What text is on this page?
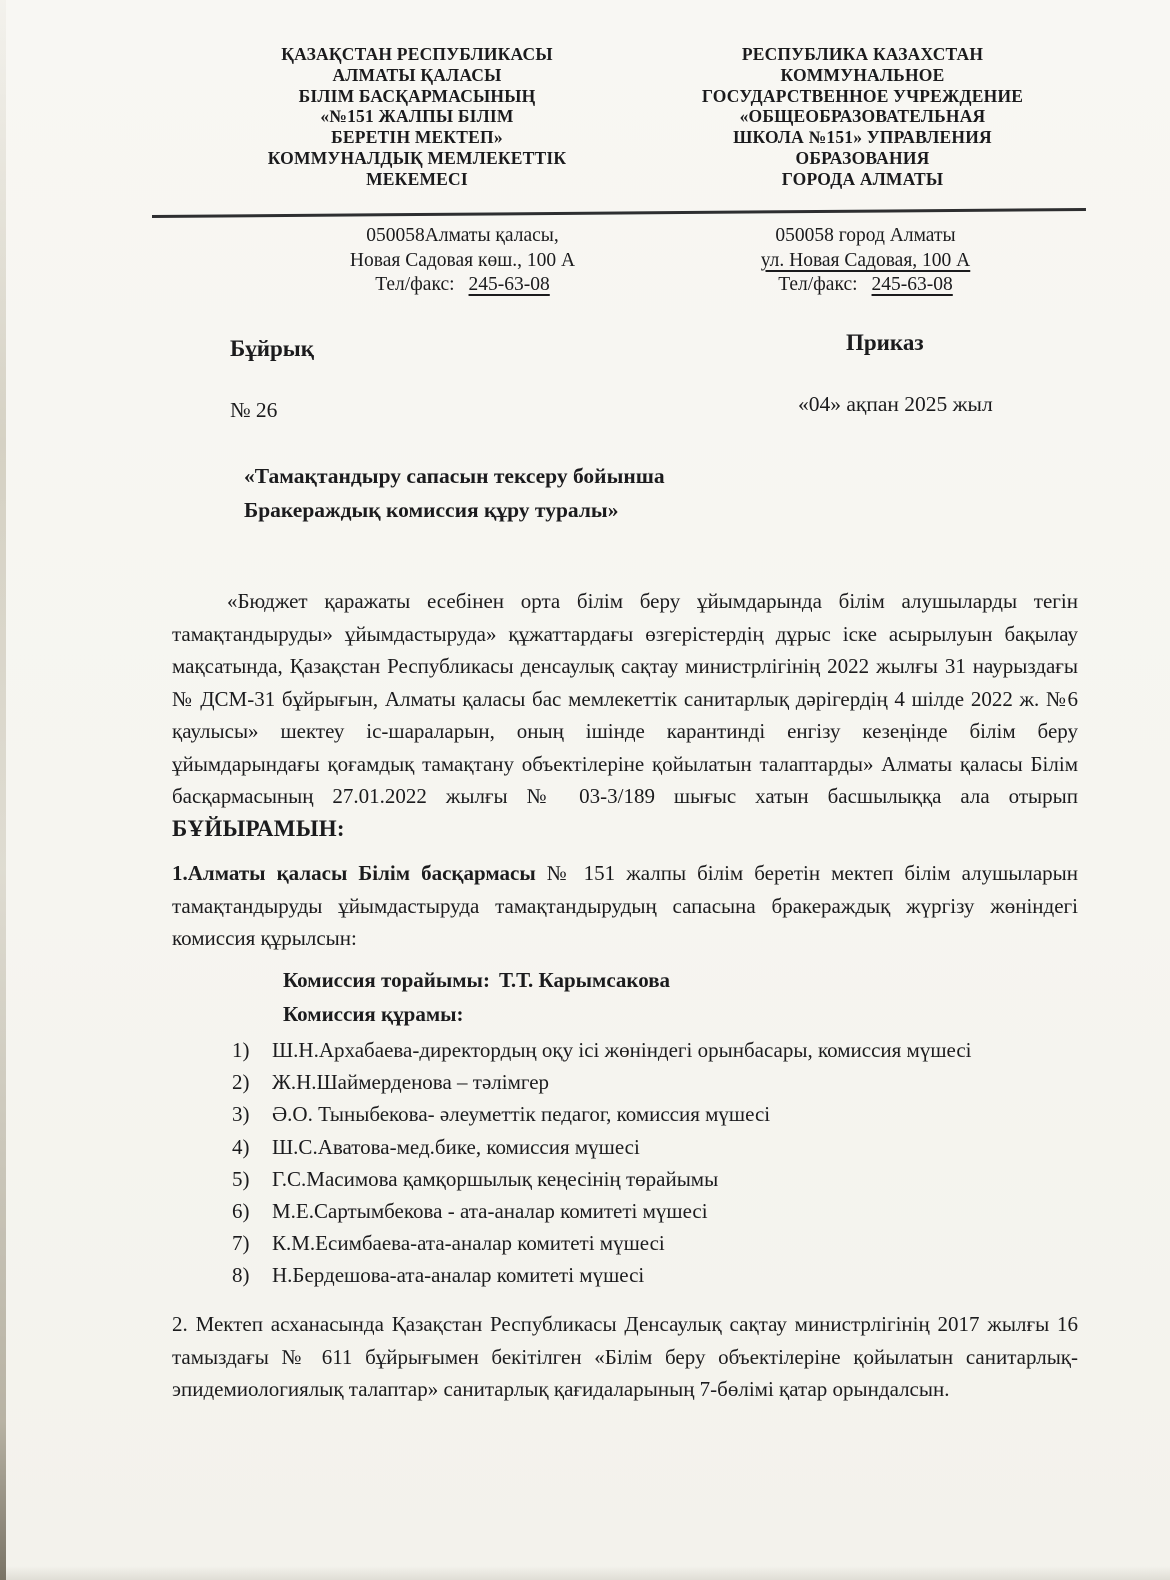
ҚАЗАҚСТАН РЕСПУБЛИКАСЫ
АЛМАТЫ ҚАЛАСЫ
БІЛІМ БАСҚАРМАСЫНЫҢ
«№151 ЖАЛПЫ БІЛІМ
БЕРЕТІН МЕКТЕП»
КОММУНАЛДЫҚ МЕМЛЕКЕТТІК
МЕКЕМЕСІ
РЕСПУБЛИКА КАЗАХСТАН
КОММУНАЛЬНОЕ
ГОСУДАРСТВЕННОЕ УЧРЕЖДЕНИЕ
«ОБЩЕОБРАЗОВАТЕЛЬНАЯ
ШКОЛА №151» УПРАВЛЕНИЯ
ОБРАЗОВАНИЯ
ГОРОДА АЛМАТЫ
050058Алматы қаласы,
Новая Садовая көш., 100 А
Тел/факс: 245-63-08
050058 город Алматы
ул. Новая Садовая, 100 А
Тел/факс: 245-63-08
Бұйрық	Приказ
№ 26	«04» ақпан 2025 жыл
«Тамақтандыру сапасын тексеру бойынша
Бракераждық комиссия құру туралы»

«Бюджет қаражаты есебінен орта білім беру ұйымдарында білім алушыларды тегін тамақтандыруды» ұйымдастыруда» құжаттардағы өзгерістердің дұрыс іске асырылуын бақылау мақсатында, Қазақстан Республикасы денсаулық сақтау министрлігінің 2022 жылғы 31 наурыздағы № ДСМ-31 бұйрығын, Алматы қаласы бас мемлекеттік санитарлық дәрігердің 4 шілде 2022 ж. №6 қаулысы» шектеу іс-шараларын, оның ішінде карантинді енгізу кезеңінде білім беру ұйымдарындағы қоғамдық тамақтану объектілеріне қойылатын талаптарды» Алматы қаласы Білім басқармасының 27.01.2022 жылғы № 03-3/189 шығыс хатын басшылыққа ала отырып БҰЙЫРАМЫН:

1.Алматы қаласы Білім басқармасы № 151 жалпы білім беретін мектеп білім алушыларын тамақтандыруды ұйымдастыруда тамақтандырудың сапасына бракераждық жүргізу жөніндегі комиссия құрылсын:

Комиссия торайымы: Т.Т. Карымсакова
Комиссия құрамы:
1)	Ш.Н.Архабаева-директордың оқу ісі жөніндегі орынбасары, комиссия мүшесі
2)	Ж.Н.Шаймерденова – тәлімгер
3)	Ә.О. Тыныбекова- әлеуметтік педагог, комиссия мүшесі
4)	Ш.С.Аватова-мед.бике, комиссия мүшесі
5)	Г.С.Масимова қамқоршылық кеңесінің төрайымы
6)	М.Е.Сартымбекова - ата-аналар комитеті мүшесі
7)	К.М.Есимбаева-ата-аналар комитеті мүшесі
8)	Н.Бердешова-ата-аналар комитеті мүшесі

2. Мектеп асханасында Қазақстан Республикасы Денсаулық сақтау министрлігінің 2017 жылғы 16 тамыздағы № 611 бұйрығымен бекітілген «Білім беру объектілеріне қойылатын санитарлық-эпидемиологиялық талаптар» санитарлық қағидаларының 7-бөлімі қатар орындалсын.
